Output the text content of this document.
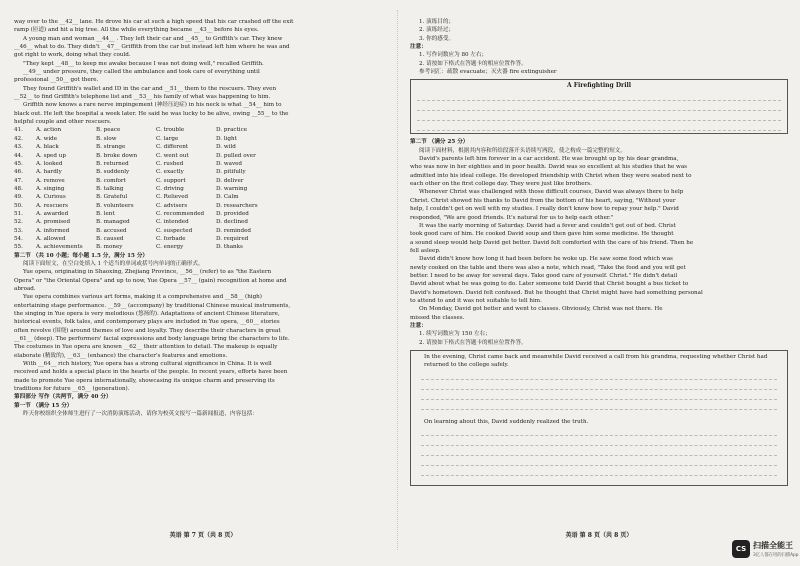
way over to the __42__ lane. He drove his car at such a high speed that his car crashed off the exit
ramp (匝道) and hit a big tree. All the while everything became __43__ before his eyes.
A young man and woman __44__ . They left their car and __45__ to Griffith's car. They knew
__46__ what to do. They didn't __47__ Griffith from the car but instead left him where he was and
got right to work, doing what they could.
"They kept __48__ to keep me awake because I was not doing well," recalled Griffith.
__49__ under pressure, they called the ambulance and took care of everything until
professional __50__ got there.
They found Griffith's wallet and ID in the car and __51__ them to the rescuers. They even
__52__ to find Griffith's telephone list and __53__ his family of what was happening to him.
Griffith now knows a rare nerve impingement (神经压迫症) in his neck is what __54__ him to
black out. He left the hospital a week later. He said he was lucky to be alive, owing __55__ to the
helpful couple and other rescuers.
41.	A. action	B. peace	C. trouble	D. practice
42.	A. wide	B. slow	C. large	D. light
43.	A. black	B. strange	C. different	D. wild
44.	A. sped up	B. broke down	C. went out	D. pulled over
45.	A. looked	B. returned	C. rushed	D. waved
46.	A. hardly	B. suddenly	C. exactly	D. pitifully
47.	A. remove	B. comfort	C. support	D. deliver
48.	A. singing	B. talking	C. driving	D. warning
49.	A. Curious	B. Grateful	C. Relieved	D. Calm
50.	A. rescuers	B. volunteers	C. advisers	D. researchers
51.	A. awarded	B. lent	C. recommended	D. provided
52.	A. promised	B. managed	C. intended	D. declined
53.	A. informed	B. accused	C. suspected	D. reminded
54.	A. allowed	B. caused	C. forbade	D. required
55.	A. achievements	B. money	C. energy	D. thanks
第二节 （共 10 小题；每小题 1.5 分，满分 15 分）
阅读下面短文，在空白处填入 1 个适当的单词或括号内单词的正确形式。
Yue opera, originating in Shaoxing, Zhejiang Province, __56__ (refer) to as "the Eastern
Opera" or "the Oriental Opera" and up to now, Yue Opera __57__ (gain) recognition at home and
abroad.
Yue opera combines various art forms, making it a comprehensive and __58__ (high)
entertaining stage performance. __59__ (accompany) by traditional Chinese musical instruments,
the singing in Yue opera is very melodious (悠扬的). Adaptations of ancient Chinese literature,
historical events, folk tales, and contemporary plays are included in Yue opera, __60__ stories
often revolve (围绕) around themes of love and loyalty. They describe their characters in great
__61__ (deep). The performers' facial expressions and body language bring the characters to life.
The costumes in Yue opera are known __62__ their attention to detail. The makeup is equally
elaborate (精致的), __63__ (enhance) the character's features and emotions.
With __64__ rich history, Yue opera has a strong cultural significance in China. It is well
received and holds a special place in the hearts of the people. In recent years, efforts have been
made to promote Yue opera internationally, showcasing its unique charm and preserving its
traditions for future __65__ (generation).
第四部分 写作（共两节，满分 40 分）
第一节 （满分 15 分）
昨天你校组织全体师生进行了一次消防演练活动，请你为校英文报写一篇新闻报道，内容包括：
英语 第 7 页（共 8 页）
1. 演练目的；
2. 演练经过；
3. 你的感受。
注意：
1. 写作词数应为 80 左右；
2. 请按如下格式在答题卡的相应位置作答。
参考词汇：疏散 evacuate；灭火器 fire extinguisher
A Firefighting Drill
第二节 （满分 25 分）
阅读下面材料，根据其内容和所给段落开头语续写两段，使之构成一篇完整的短文。
David's parents left him forever in a car accident. He was brought up by his dear grandma,
who was now in her eighties and in poor health. David was so excellent at his studies that he was
admitted into his ideal college. He developed friendship with Christ when they were seated next to
each other on the first college day. They were just like brothers.
Whenever Christ was challenged with those difficult courses, David was always there to help
Christ. Christ showed his thanks to David from the bottom of his heart, saying, "Without your
help, I couldn't get on well with my studies. I really don't know how to repay your help." David
responded, "We are good friends. It's natural for us to help each other."
It was the early morning of Saturday. David had a fever and couldn't get out of bed. Christ
took good care of him. He cooked David soup and then gave him some medicine. He thought
a sound sleep would help David get better. David felt comforted with the care of his friend. Then he
fell asleep.
David didn't know how long it had been before he woke up. He saw some food which was
newly cooked on the table and there was also a note, which read, "Take the food and you will get
better. I need to be away for several days. Take good care of yourself. Christ." He didn't detail
David about what he was going to do. Later someone told David that Christ bought a bus ticket to
David's hometown. David felt confused. But he thought that Christ might have had something personal
to attend to and it was not suitable to tell him.
On Monday, David got better and went to classes. Obviously, Christ was not there. He
missed the classes.
注意：
1. 续写词数应为 150 左右；
2. 请按如下格式在答题卡的相应位置作答。

In the evening, Christ came back and meanwhile David received a call from his grandma, requesting whether Christ had returned to the college safely.

On learning about this, David suddenly realized the truth.

英语 第 8 页（共 8 页）
CS 扫描全能王
3亿人都在用的扫描App
